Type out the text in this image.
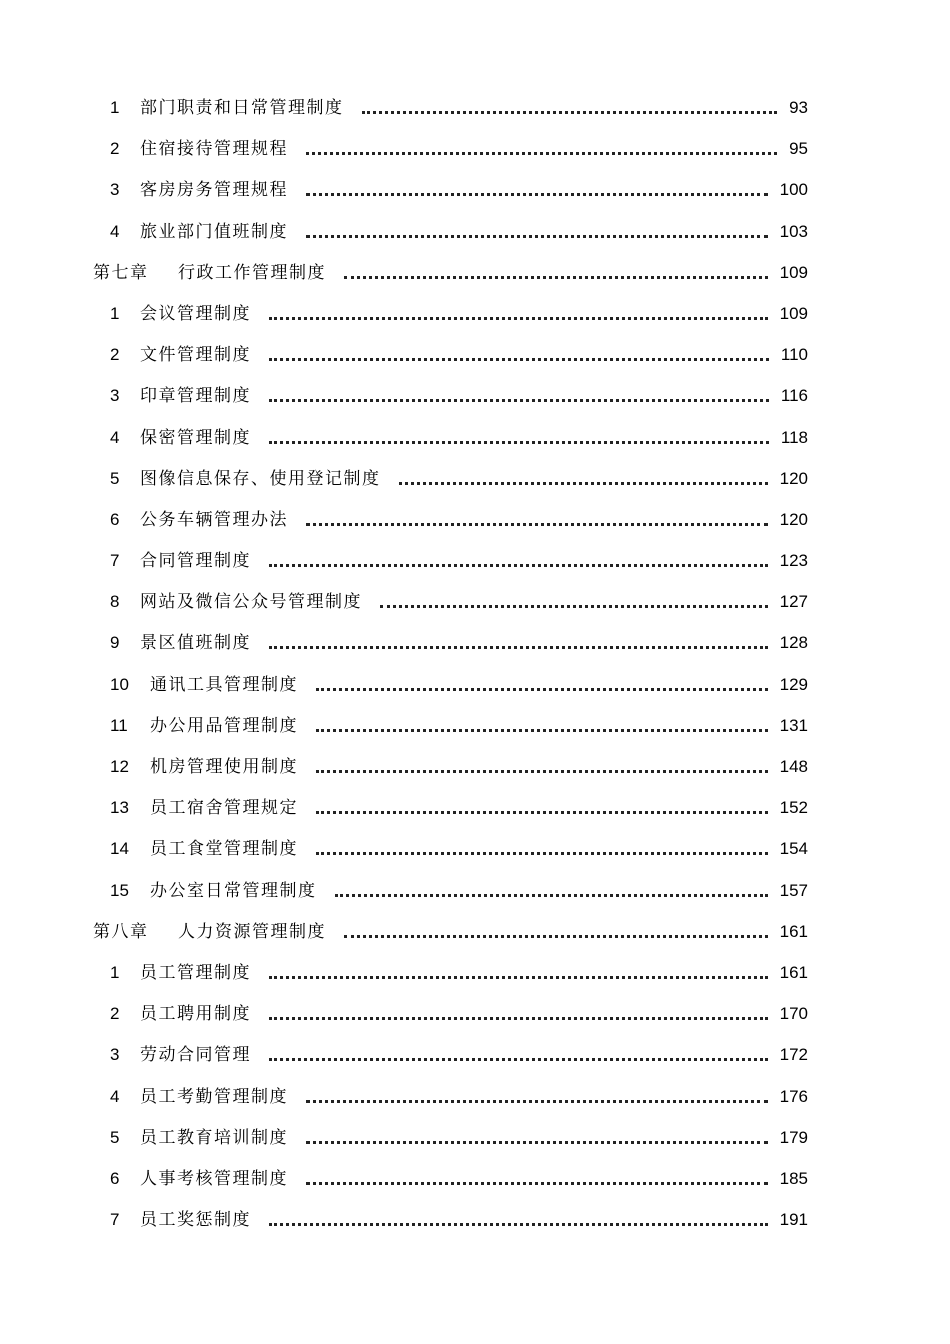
1 部门职责和日常管理制度	93
2 住宿接待管理规程	95
3 客房房务管理规程	100
4 旅业部门值班制度	103
第七章 行政工作管理制度	109
1 会议管理制度	109
2 文件管理制度	110
3 印章管理制度	116
4 保密管理制度	118
5 图像信息保存、使用登记制度	120
6 公务车辆管理办法	120
7 合同管理制度	123
8 网站及微信公众号管理制度	127
9 景区值班制度	128
10 通讯工具管理制度	129
11 办公用品管理制度	131
12 机房管理使用制度	148
13 员工宿舍管理规定	152
14 员工食堂管理制度	154
15 办公室日常管理制度	157
第八章 人力资源管理制度	161
1 员工管理制度	161
2 员工聘用制度	170
3 劳动合同管理	172
4 员工考勤管理制度	176
5 员工教育培训制度	179
6 人事考核管理制度	185
7 员工奖惩制度	191
